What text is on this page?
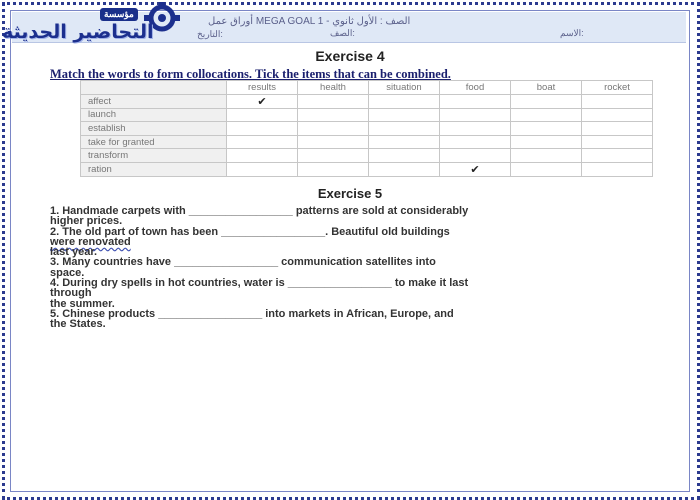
مؤسسة
التحاضير الحديثة	أوراق عمل MEGA GOAL 1 - الصف : الأول ثانوي
الاسم:
الصف:
التاريخ:
Exercise 4
Match the words to form collocations. Tick the items that can be combined.
	results	health	situation	food	boat	rocket
affect	✔					
launch						
establish						
take for granted						
transform						
ration				✔		
Exercise 5
1. Handmade carpets with _________________ patterns are sold at considerably
higher prices.
2. The old part of town has been _________________. Beautiful old buildings
were renovated
last year.
3. Many countries have _________________ communication satellites into
space.
4. During dry spells in hot countries, water is _________________ to make it last
through
the summer.
5. Chinese products _________________ into markets in African, Europe, and
the States.
